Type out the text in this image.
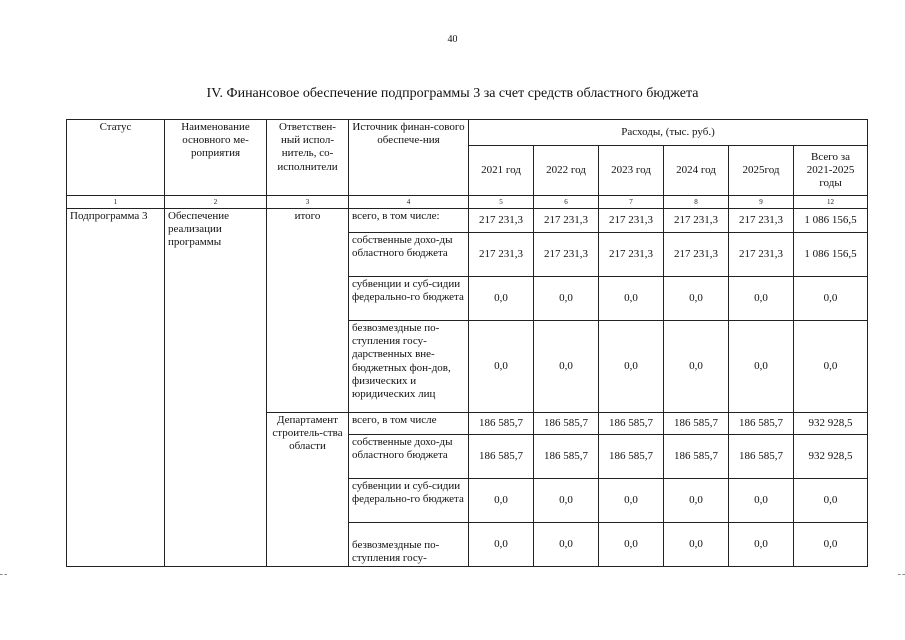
40
IV. Финансовое обеспечение подпрограммы 3 за счет средств областного бюджета
Статус	Наименование основного ме-роприятия	Ответствен-ный испол-нитель, со-исполнители	Источник финан-сового обеспече-ния	Расходы, (тыс. руб.)					
				2021 год	2022 год	2023 год	2024 год	2025год	Всего за 2021-2025 годы
1	2	3	4	5	6	7	8	9	12
Подпрограмма 3	Обеспечение реализации программы	итого	всего, в том числе:	217 231,3	217 231,3	217 231,3	217 231,3	217 231,3	1 086 156,5
			собственные дохо-ды областного бюджета	217 231,3	217 231,3	217 231,3	217 231,3	217 231,3	1 086 156,5
			субвенции и суб-сидии федерально-го бюджета	0,0	0,0	0,0	0,0	0,0	0,0
			безвозмездные по-ступления госу-дарственных вне-бюджетных фон-дов, физических и юридических лиц	0,0	0,0	0,0	0,0	0,0	0,0
		Департамент строитель-ства области	всего, в том числе	186 585,7	186 585,7	186 585,7	186 585,7	186 585,7	932 928,5
			собственные дохо-ды областного бюджета	186 585,7	186 585,7	186 585,7	186 585,7	186 585,7	932 928,5
			субвенции и суб-сидии федерально-го бюджета	0,0	0,0	0,0	0,0	0,0	0,0
			безвозмездные по-ступления госу-	0,0	0,0	0,0	0,0	0,0	0,0
